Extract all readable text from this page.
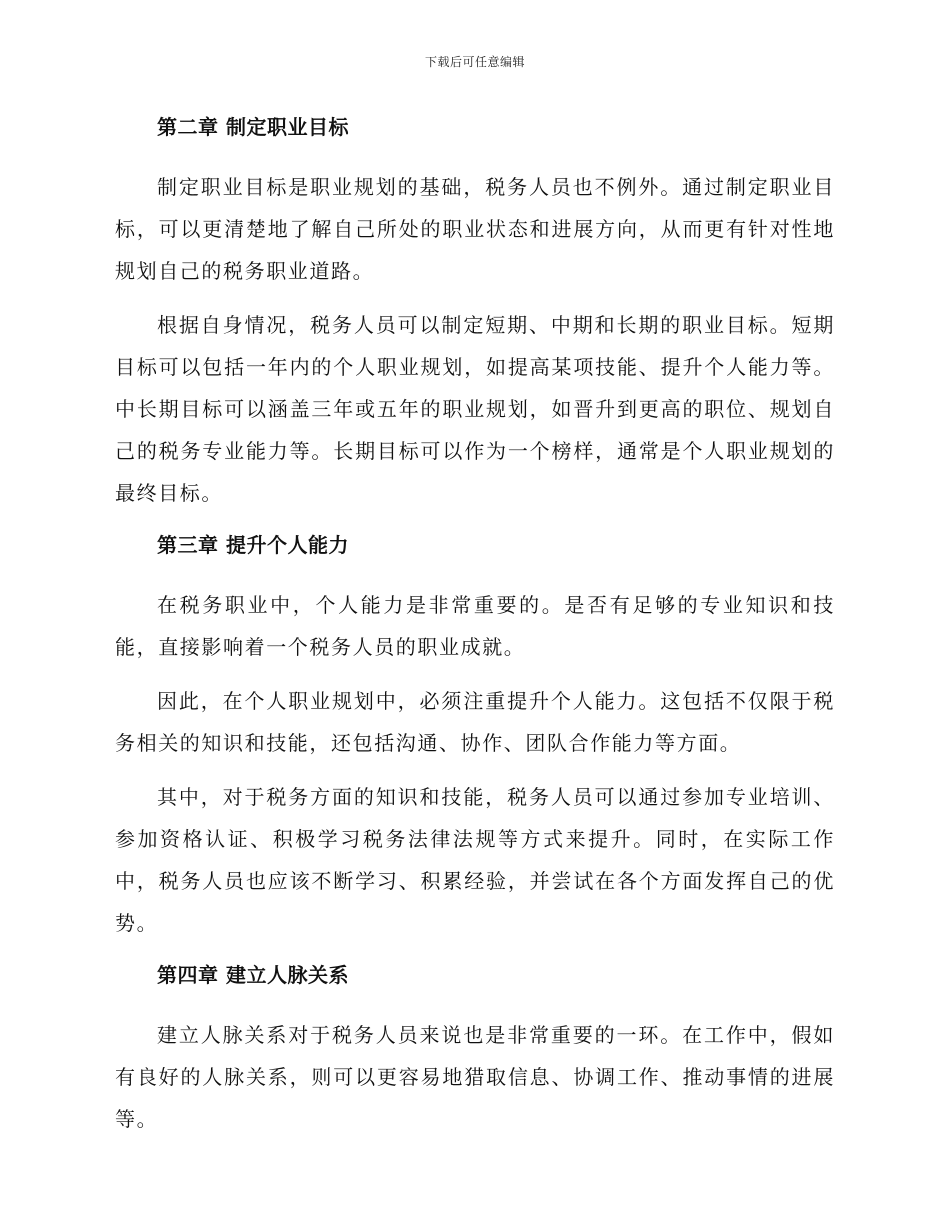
下载后可任意编辑
第二章 制定职业目标

制定职业目标是职业规划的基础，税务人员也不例外。通过制定职业目标，可以更清楚地了解自己所处的职业状态和进展方向，从而更有针对性地规划自己的税务职业道路。

根据自身情况，税务人员可以制定短期、中期和长期的职业目标。短期目标可以包括一年内的个人职业规划，如提高某项技能、提升个人能力等。中长期目标可以涵盖三年或五年的职业规划，如晋升到更高的职位、规划自己的税务专业能力等。长期目标可以作为一个榜样，通常是个人职业规划的最终目标。

第三章 提升个人能力

在税务职业中，个人能力是非常重要的。是否有足够的专业知识和技能，直接影响着一个税务人员的职业成就。

因此，在个人职业规划中，必须注重提升个人能力。这包括不仅限于税务相关的知识和技能，还包括沟通、协作、团队合作能力等方面。

其中，对于税务方面的知识和技能，税务人员可以通过参加专业培训、参加资格认证、积极学习税务法律法规等方式来提升。同时，在实际工作中，税务人员也应该不断学习、积累经验，并尝试在各个方面发挥自己的优势。

第四章 建立人脉关系

建立人脉关系对于税务人员来说也是非常重要的一环。在工作中，假如有良好的人脉关系，则可以更容易地猎取信息、协调工作、推动事情的进展等。
